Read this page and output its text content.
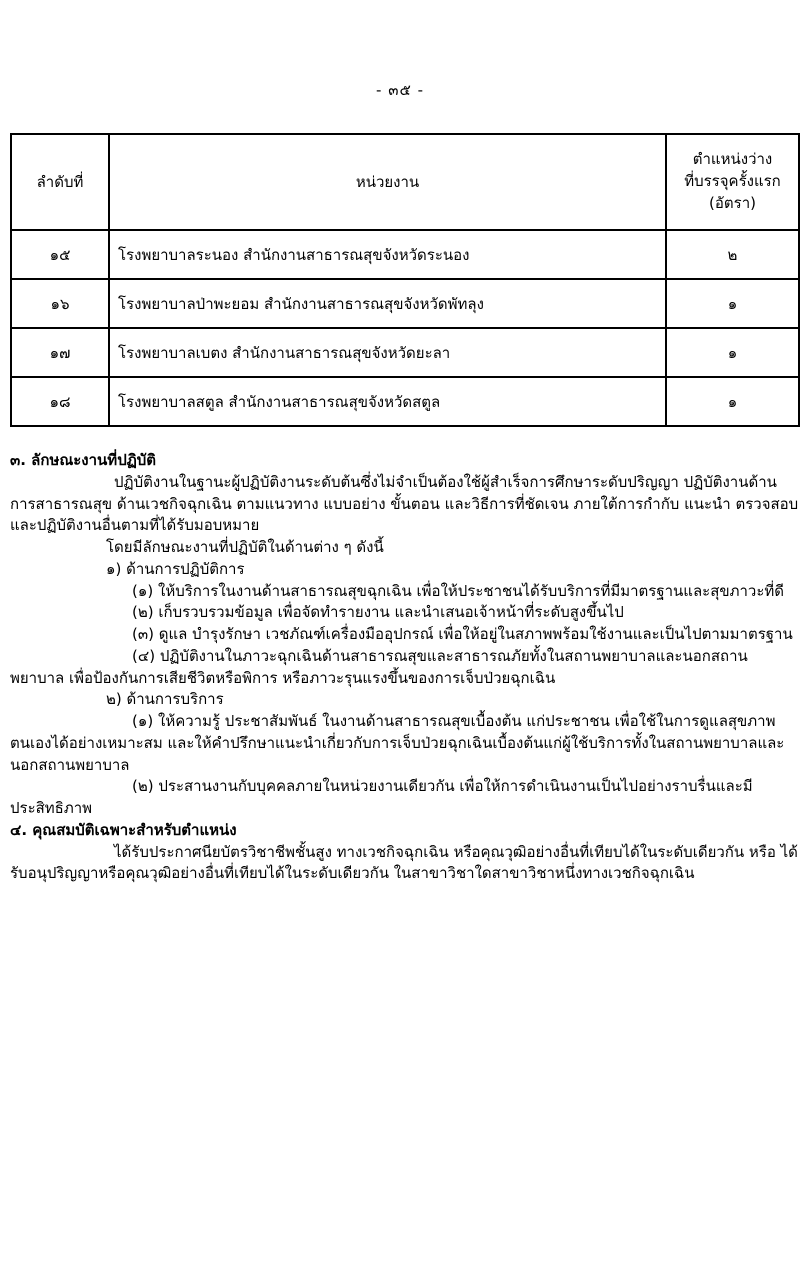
- ๓๕ -
ลำดับที่	หน่วยงาน	ตำแหน่งว่าง
ที่บรรจุครั้งแรก
(อัตรา)

๑๕	โรงพยาบาลระนอง สำนักงานสาธารณสุขจังหวัดระนอง	๒
๑๖	โรงพยาบาลป่าพะยอม สำนักงานสาธารณสุขจังหวัดพัทลุง	๑
๑๗	โรงพยาบาลเบตง สำนักงานสาธารณสุขจังหวัดยะลา	๑
๑๘	โรงพยาบาลสตูล สำนักงานสาธารณสุขจังหวัดสตูล	๑

๓. ลักษณะงานที่ปฏิบัติ

ปฏิบัติงานในฐานะผู้ปฏิบัติงานระดับต้นซึ่งไม่จำเป็นต้องใช้ผู้สำเร็จการศึกษาระดับปริญญา ปฏิบัติงานด้านการสาธารณสุข ด้านเวชกิจฉุกเฉิน ตามแนวทาง แบบอย่าง ขั้นตอน และวิธีการที่ชัดเจน ภายใต้การกำกับ แนะนำ ตรวจสอบ และปฏิบัติงานอื่นตามที่ได้รับมอบหมาย

โดยมีลักษณะงานที่ปฏิบัติในด้านต่าง ๆ ดังนี้

๑) ด้านการปฏิบัติการ

(๑) ให้บริการในงานด้านสาธารณสุขฉุกเฉิน เพื่อให้ประชาชนได้รับบริการที่มีมาตรฐานและสุขภาวะที่ดี

(๒) เก็บรวบรวมข้อมูล เพื่อจัดทำรายงาน และนำเสนอเจ้าหน้าที่ระดับสูงขึ้นไป

(๓) ดูแล บำรุงรักษา เวชภัณฑ์เครื่องมืออุปกรณ์ เพื่อให้อยู่ในสภาพพร้อมใช้งานและเป็นไปตามมาตรฐาน

(๔) ปฏิบัติงานในภาวะฉุกเฉินด้านสาธารณสุขและสาธารณภัยทั้งในสถานพยาบาลและนอกสถานพยาบาล เพื่อป้องกันการเสียชีวิตหรือพิการ หรือภาวะรุนแรงขึ้นของการเจ็บป่วยฉุกเฉิน

๒) ด้านการบริการ

(๑) ให้ความรู้ ประชาสัมพันธ์ ในงานด้านสาธารณสุขเบื้องต้น แก่ประชาชน เพื่อใช้ในการดูแลสุขภาพตนเองได้อย่างเหมาะสม และให้คำปรึกษาแนะนำเกี่ยวกับการเจ็บป่วยฉุกเฉินเบื้องต้นแก่ผู้ใช้บริการทั้งในสถานพยาบาลและนอกสถานพยาบาล

(๒) ประสานงานกับบุคคลภายในหน่วยงานเดียวกัน เพื่อให้การดำเนินงานเป็นไปอย่างราบรื่นและมีประสิทธิภาพ

๔. คุณสมบัติเฉพาะสำหรับตำแหน่ง

ได้รับประกาศนียบัตรวิชาชีพชั้นสูง ทางเวชกิจฉุกเฉิน หรือคุณวุฒิอย่างอื่นที่เทียบได้ในระดับเดียวกัน หรือ ได้รับอนุปริญญาหรือคุณวุฒิอย่างอื่นที่เทียบได้ในระดับเดียวกัน ในสาขาวิชาใดสาขาวิชาหนึ่งทางเวชกิจฉุกเฉิน
